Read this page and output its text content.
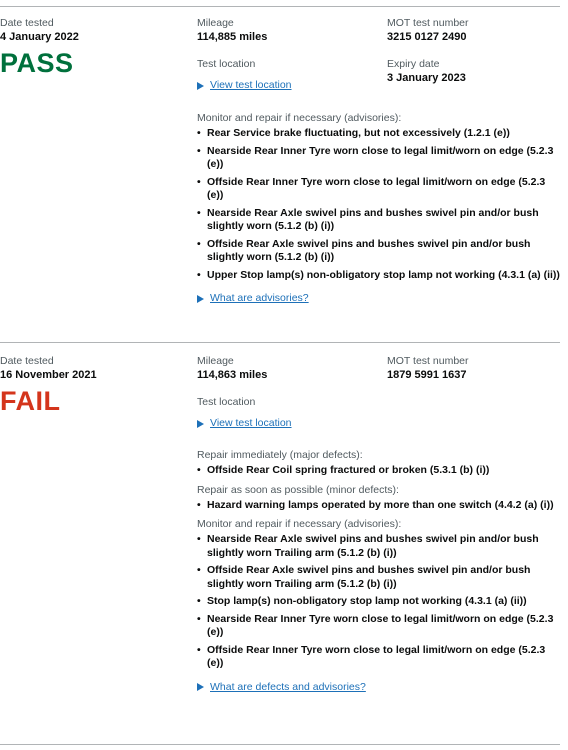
Date tested
4 January 2022
PASS
Mileage
114,885 miles
MOT test number
3215 0127 2490
Test location
View test location
Expiry date
3 January 2023
Monitor and repair if necessary (advisories):
• Rear Service brake fluctuating, but not excessively (1.2.1 (e))
• Nearside Rear Inner Tyre worn close to legal limit/worn on edge (5.2.3 (e))
• Offside Rear Inner Tyre worn close to legal limit/worn on edge (5.2.3 (e))
• Nearside Rear Axle swivel pins and bushes swivel pin and/or bush slightly worn (5.1.2 (b) (i))
• Offside Rear Axle swivel pins and bushes swivel pin and/or bush slightly worn (5.1.2 (b) (i))
• Upper Stop lamp(s) non-obligatory stop lamp not working (4.3.1 (a) (ii))
What are advisories?
Date tested
16 November 2021
FAIL
Mileage
114,863 miles
MOT test number
1879 5991 1637
Test location
View test location
Repair immediately (major defects):
• Offside Rear Coil spring fractured or broken (5.3.1 (b) (i))
Repair as soon as possible (minor defects):
• Hazard warning lamps operated by more than one switch (4.4.2 (a) (i))
Monitor and repair if necessary (advisories):
• Nearside Rear Axle swivel pins and bushes swivel pin and/or bush slightly worn Trailing arm (5.1.2 (b) (i))
• Offside Rear Axle swivel pins and bushes swivel pin and/or bush slightly worn Trailing arm (5.1.2 (b) (i))
• Stop lamp(s) non-obligatory stop lamp not working (4.3.1 (a) (ii))
• Nearside Rear Inner Tyre worn close to legal limit/worn on edge (5.2.3 (e))
• Offside Rear Inner Tyre worn close to legal limit/worn on edge (5.2.3 (e))
What are defects and advisories?
